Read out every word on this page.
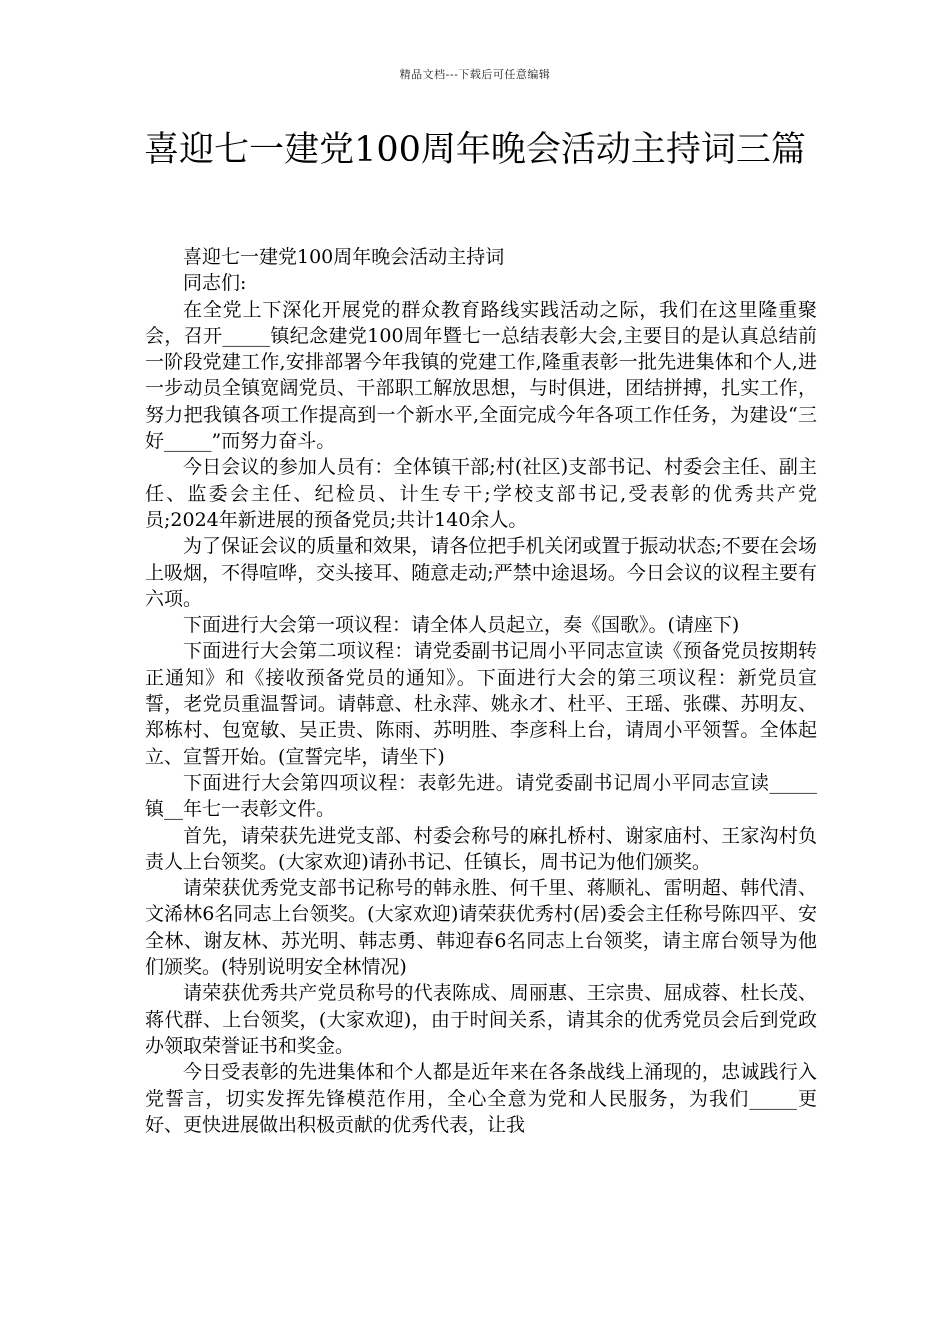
精品文档---下载后可任意编辑
喜迎七一建党100周年晚会活动主持词三篇

喜迎七一建党100周年晚会活动主持词

同志们:

在全党上下深化开展党的群众教育路线实践活动之际，我们在这里隆重聚会，召开_____镇纪念建党100周年暨七一总结表彰大会,主要目的是认真总结前一阶段党建工作,安排部署今年我镇的党建工作,隆重表彰一批先进集体和个人,进一步动员全镇宽阔党员、干部职工解放思想，与时俱进，团结拼搏，扎实工作，努力把我镇各项工作提高到一个新水平,全面完成今年各项工作任务，为建设“三好_____”而努力奋斗。

今日会议的参加人员有：全体镇干部;村(社区)支部书记、村委会主任、副主任、监委会主任、纪检员、计生专干;学校支部书记,受表彰的优秀共产党员;2024年新进展的预备党员;共计140余人。

为了保证会议的质量和效果，请各位把手机关闭或置于振动状态;不要在会场上吸烟，不得喧哗，交头接耳、随意走动;严禁中途退场。今日会议的议程主要有六项。

下面进行大会第一项议程：请全体人员起立，奏《国歌》。(请座下)

下面进行大会第二项议程：请党委副书记周小平同志宣读《预备党员按期转正通知》和《接收预备党员的通知》。下面进行大会的第三项议程：新党员宣誓，老党员重温誓词。请韩意、杜永萍、姚永才、杜平、王瑶、张碟、苏明友、郑栋村、包宽敏、吴正贵、陈雨、苏明胜、李彦科上台，请周小平领誓。全体起立、宣誓开始。(宣誓完毕，请坐下)

下面进行大会第四项议程：表彰先进。请党委副书记周小平同志宣读_____镇__年七一表彰文件。

首先，请荣获先进党支部、村委会称号的麻扎桥村、谢家庙村、王家沟村负责人上台领奖。(大家欢迎)请孙书记、任镇长，周书记为他们颁奖。

请荣获优秀党支部书记称号的韩永胜、何千里、蒋顺礼、雷明超、韩代清、文浠林6名同志上台领奖。(大家欢迎)请荣获优秀村(居)委会主任称号陈四平、安全林、谢友林、苏光明、韩志勇、韩迎春6名同志上台领奖，请主席台领导为他们颁奖。(特别说明安全林情况)

请荣获优秀共产党员称号的代表陈成、周丽惠、王宗贵、屈成蓉、杜长茂、蒋代群、上台领奖，(大家欢迎)，由于时间关系，请其余的优秀党员会后到党政办领取荣誉证书和奖金。

今日受表彰的先进集体和个人都是近年来在各条战线上涌现的，忠诚践行入党誓言，切实发挥先锋模范作用，全心全意为党和人民服务，为我们_____更好、更快进展做出积极贡献的优秀代表，让我
